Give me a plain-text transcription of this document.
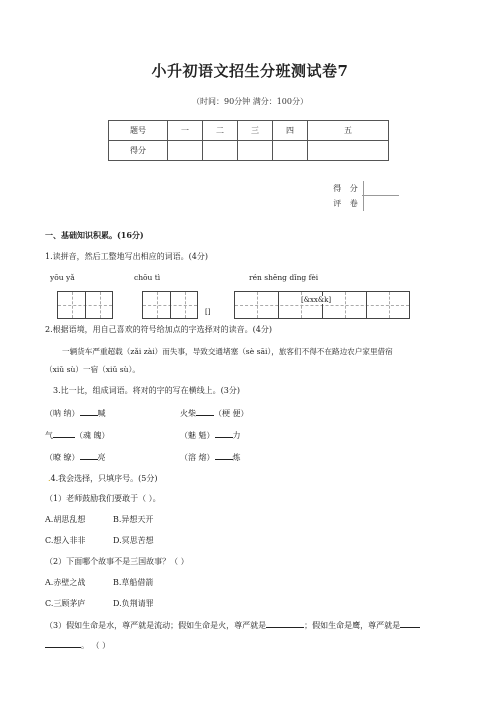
小升初语文招生分班测试卷7
（时间：90分钟 满分：100分）
题号	一	二	三	四	五
得分					
得 分
评 卷
一、基础知识积累。(16分)
1.读拼音，然后工整地写出相应的词语。(4分)
yōu yǎ	chōu tì	rén shēng dǐng fèi
[]
[&xx&k]
2.根据语境，用自己喜欢的符号给加点的字选择对的读音。(4分)
一辆货车严重超载（zǎi zài）而失事，导致交通堵塞（sè sāi），旅客们不得不在路边农户家里借宿
（xiǔ sù）一宿（xiǔ sù）。
3.比一比，组成词语。将对的字的写在横线上。(3分)
（呐 纳） 喊	火柴 （梗 便）
气	（魂 魄）	（魅 魁） 力
（暸 缭） 亮	（溶 熔） 炼
.4.我会选择，只填序号。(5分)
（1）老师鼓励我们要敢于（ ）。
A.胡思乱想	B.异想天开
C.想入非非	D.冥思苦想
（2）下面哪个故事不是三国故事？（ ）
A.赤壁之战	B.草船借箭
C.三顾茅庐	D.负荆请罪
（3）假如生命是水，尊严就是流动；假如生命是火，尊严就是	；假如生命是鹰，尊严就是
。 （ ）
